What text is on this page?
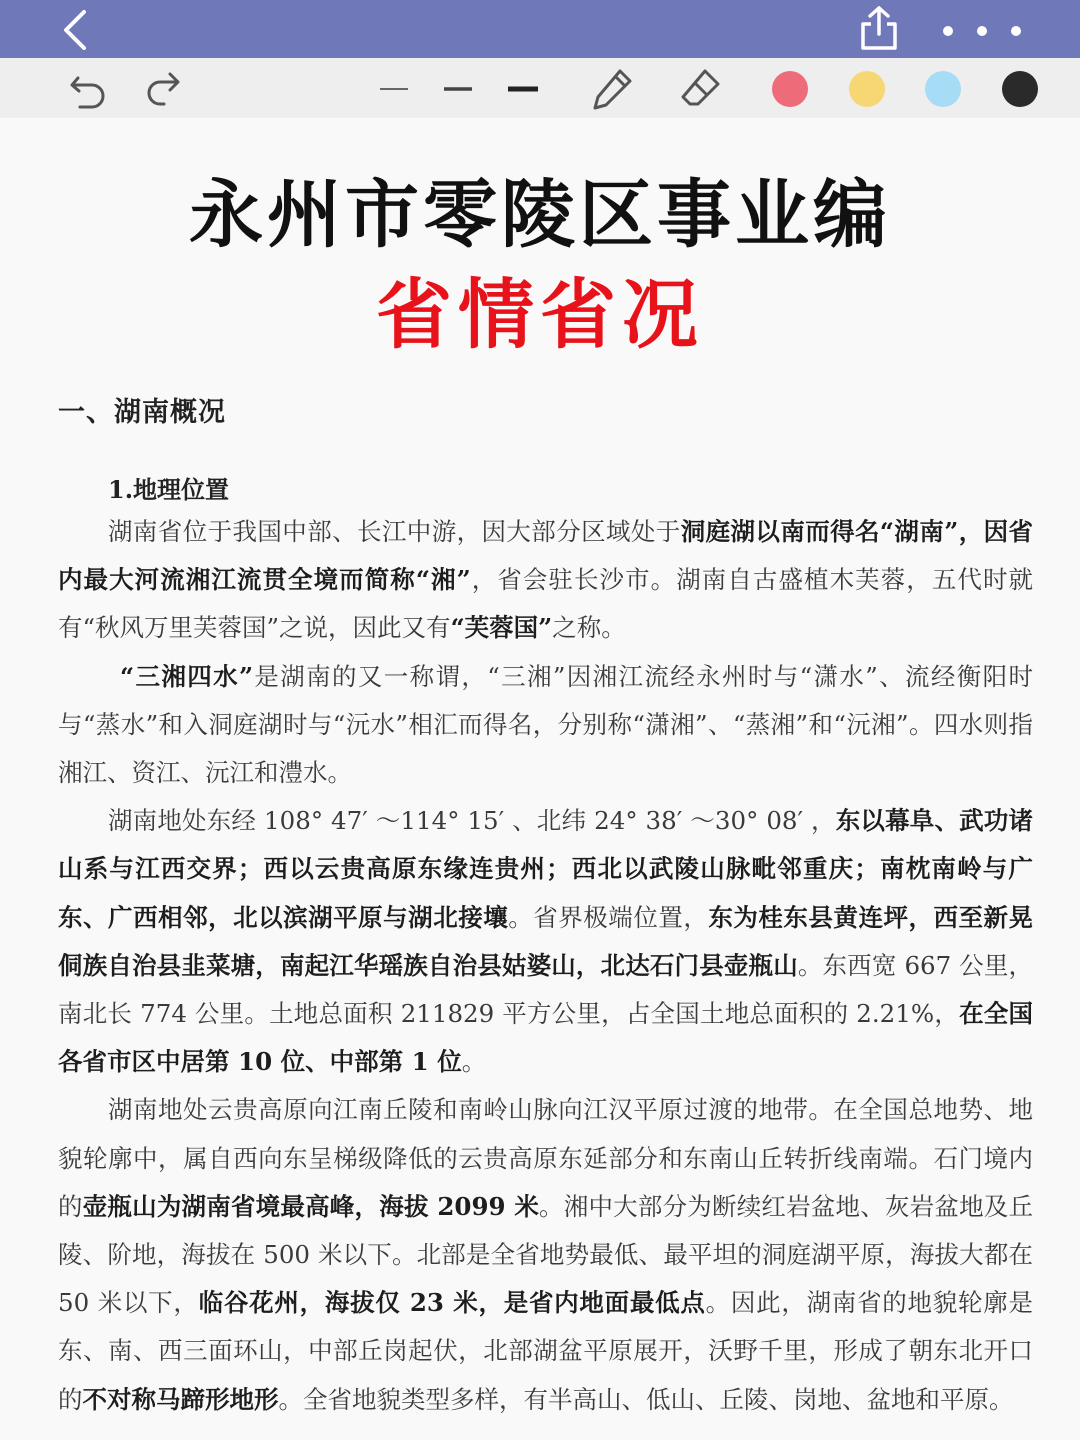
永州市零陵区事业编
省情省况
一、湖南概况
1.地理位置

湖南省位于我国中部、长江中游，因大部分区域处于洞庭湖以南而得名“湖南”，因省内最大河流湘江流贯全境而简称“湘”，省会驻长沙市。湖南自古盛植木芙蓉，五代时就有“秋风万里芙蓉国”之说，因此又有“芙蓉国”之称。

“三湘四水”是湖南的又一称谓，“三湘”因湘江流经永州时与“潇水”、流经衡阳时与“蒸水”和入洞庭湖时与“沅水”相汇而得名，分别称“潇湘”、“蒸湘”和“沅湘”。四水则指湘江、资江、沅江和澧水。

湖南地处东经 108° 47′ ～114° 15′ 、北纬 24° 38′ ～30° 08′ ，东以幕阜、武功诸山系与江西交界；西以云贵高原东缘连贵州；西北以武陵山脉毗邻重庆；南枕南岭与广东、广西相邻，北以滨湖平原与湖北接壤。省界极端位置，东为桂东县黄连坪，西至新晃侗族自治县韭菜塘，南起江华瑶族自治县姑婆山，北达石门县壶瓶山。东西宽 667 公里，南北长 774 公里。土地总面积 211829 平方公里，占全国土地总面积的 2.21%，在全国各省市区中居第 10 位、中部第 1 位。

湖南地处云贵高原向江南丘陵和南岭山脉向江汉平原过渡的地带。在全国总地势、地貌轮廓中，属自西向东呈梯级降低的云贵高原东延部分和东南山丘转折线南端。石门境内的壶瓶山为湖南省境最高峰，海拔 2099 米。湘中大部分为断续红岩盆地、灰岩盆地及丘陵、阶地，海拔在 500 米以下。北部是全省地势最低、最平坦的洞庭湖平原，海拔大都在 50 米以下，临谷花州，海拔仅 23 米，是省内地面最低点。因此，湖南省的地貌轮廓是东、南、西三面环山，中部丘岗起伏，北部湖盆平原展开，沃野千里，形成了朝东北开口的不对称马蹄形地形。全省地貌类型多样，有半高山、低山、丘陵、岗地、盆地和平原。
